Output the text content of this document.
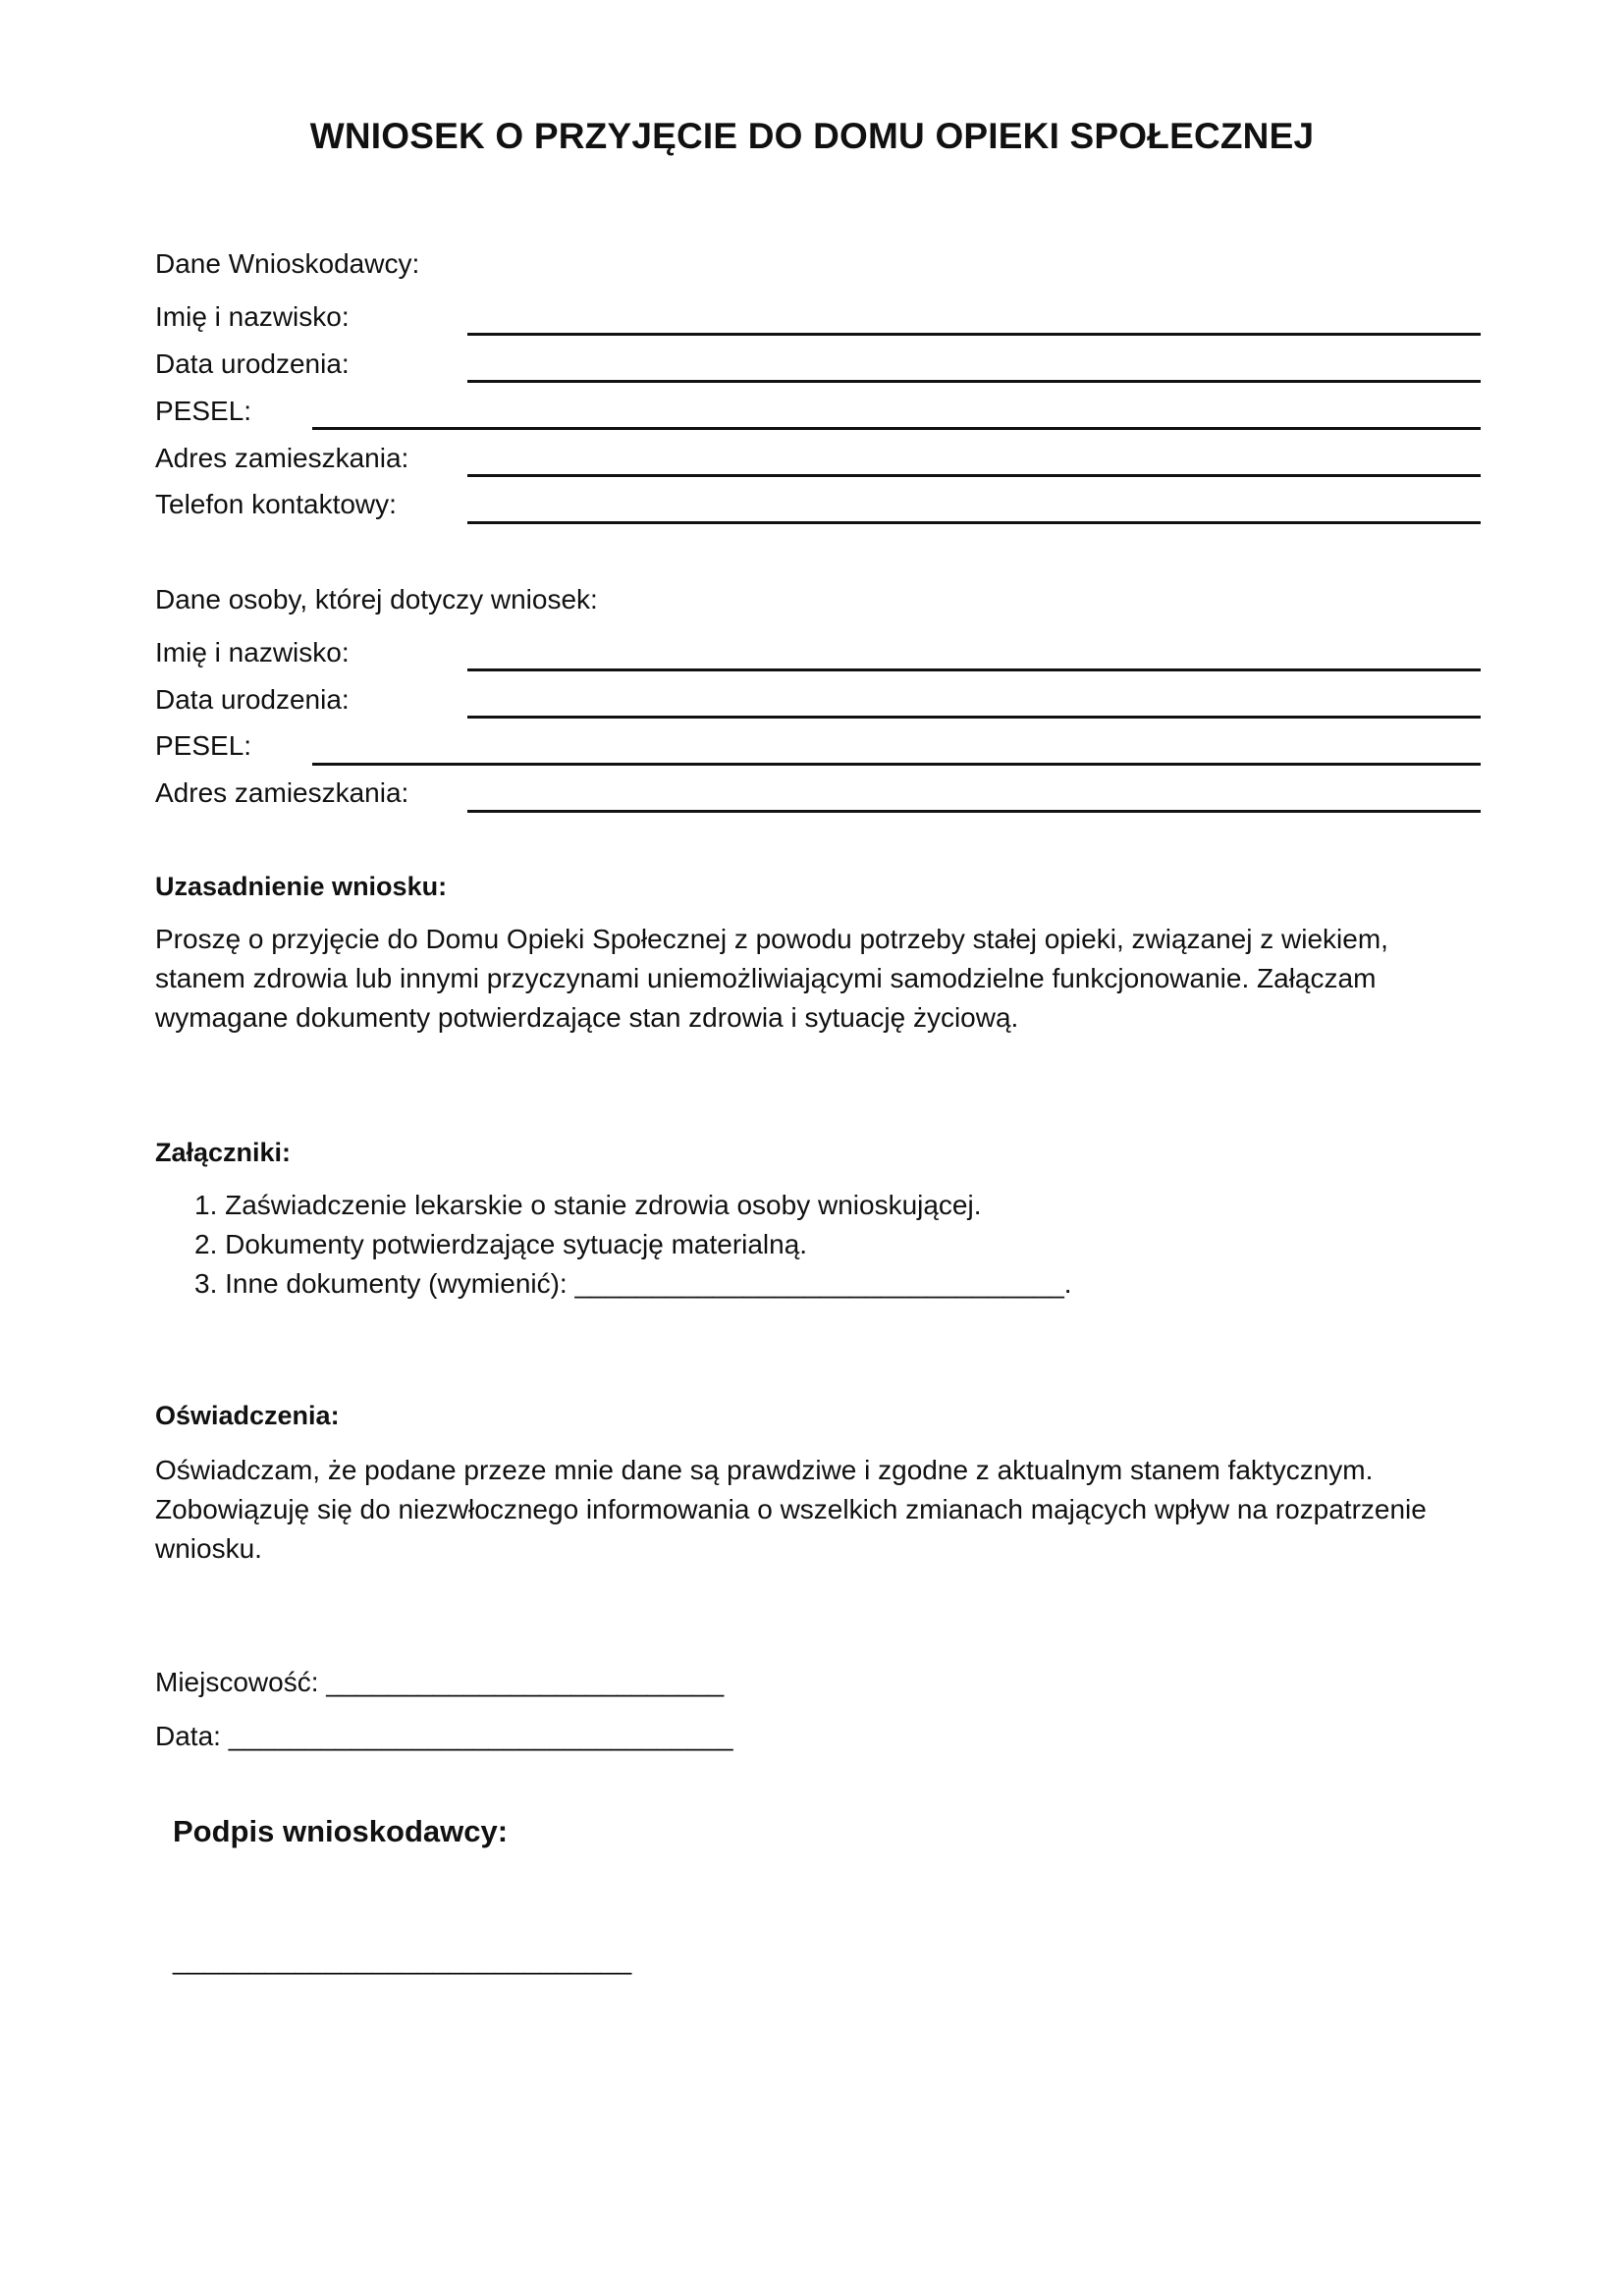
WNIOSEK O PRZYJĘCIE DO DOMU OPIEKI SPOŁECZNEJ
Dane Wnioskodawcy:
Imię i nazwisko:
Data urodzenia:
PESEL:
Adres zamieszkania:
Telefon kontaktowy:
Dane osoby, której dotyczy wniosek:
Imię i nazwisko:
Data urodzenia:
PESEL:
Adres zamieszkania:
Uzasadnienie wniosku:
Proszę o przyjęcie do Domu Opieki Społecznej z powodu potrzeby stałej opieki, związanej z wiekiem,
stanem zdrowia lub innymi przyczynami uniemożliwiającymi samodzielne funkcjonowanie. Załączam
wymagane dokumenty potwierdzające stan zdrowia i sytuację życiową.
Załączniki:
1. Zaświadczenie lekarskie o stanie zdrowia osoby wnioskującej.
2. Dokumenty potwierdzające sytuację materialną.
3. Inne dokumenty (wymienić): ________________________________.
Oświadczenia:
Oświadczam, że podane przeze mnie dane są prawdziwe i zgodne z aktualnym stanem faktycznym.
Zobowiązuję się do niezwłocznego informowania o wszelkich zmianach mających wpływ na rozpatrzenie
wniosku.
Miejscowość: __________________________
Data: _________________________________
Podpis wnioskodawcy:
______________________________
